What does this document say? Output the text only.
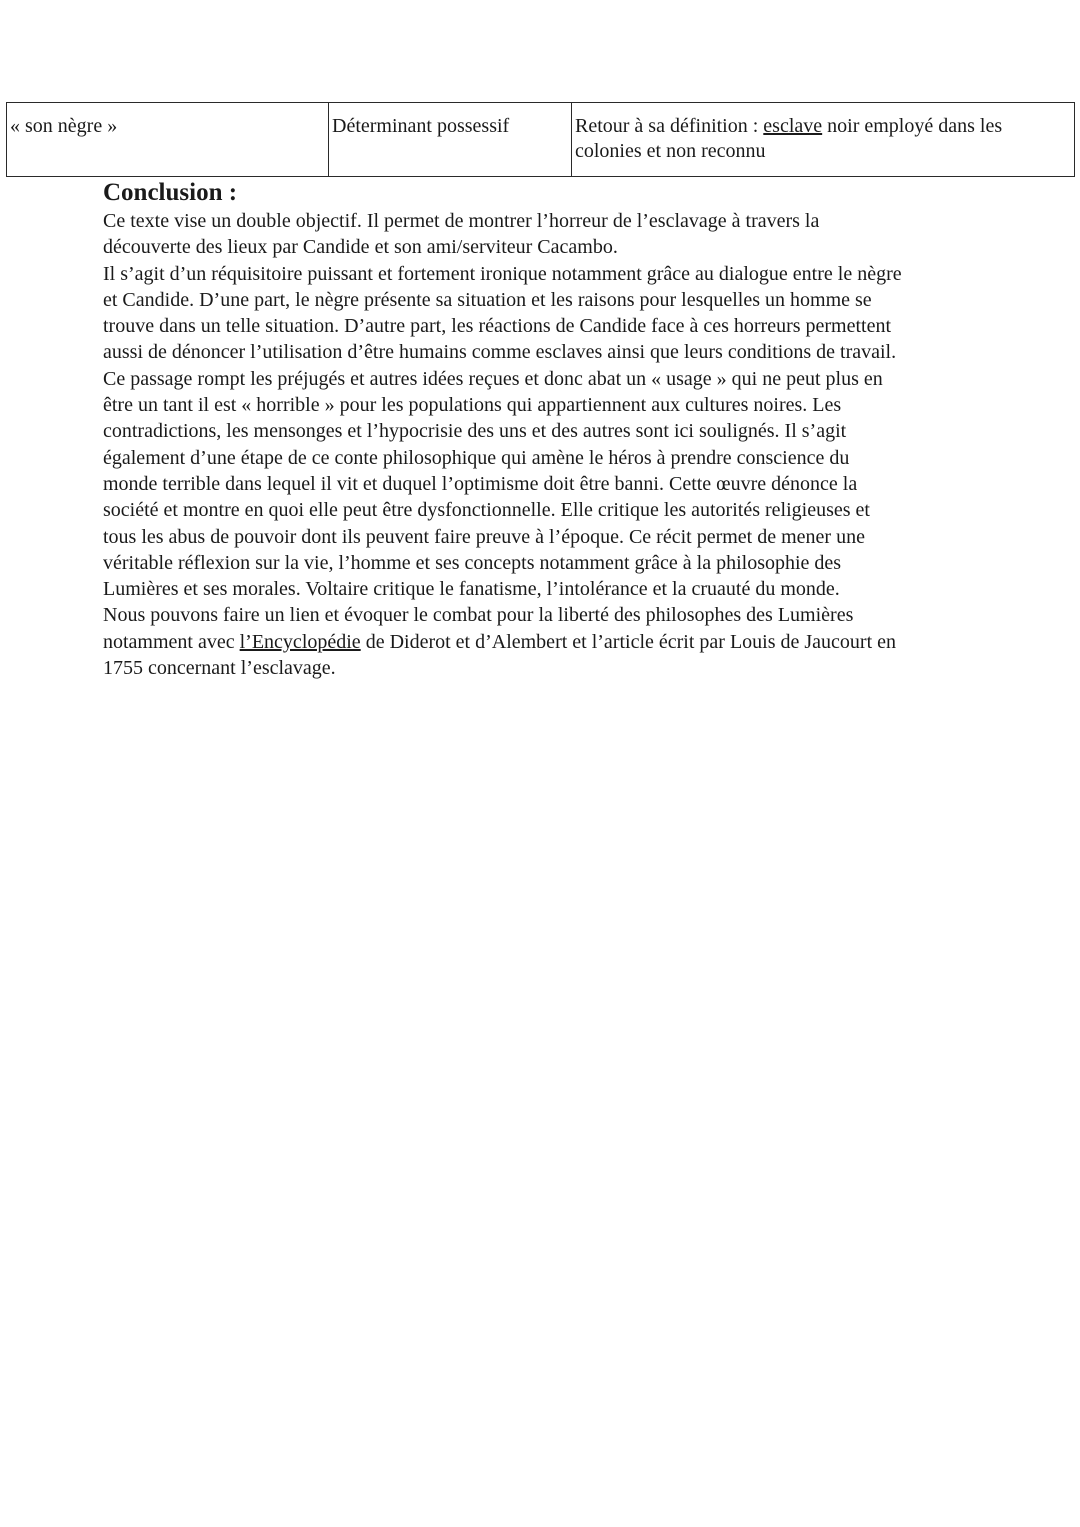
« son nègre »	Déterminant possessif	Retour à sa définition : esclave noir employé dans les
colonies et non reconnu
Conclusion :
Ce texte vise un double objectif. Il permet de montrer l’horreur de l’esclavage à travers la
découverte des lieux par Candide et son ami/serviteur Cacambo.
Il s’agit d’un réquisitoire puissant et fortement ironique notamment grâce au dialogue entre le nègre
et Candide. D’une part, le nègre présente sa situation et les raisons pour lesquelles un homme se
trouve dans un telle situation. D’autre part, les réactions de Candide face à ces horreurs permettent
aussi de dénoncer l’utilisation d’être humains comme esclaves ainsi que leurs conditions de travail.
Ce passage rompt les préjugés et autres idées reçues et donc abat un « usage » qui ne peut plus en
être un tant il est « horrible » pour les populations qui appartiennent aux cultures noires. Les
contradictions, les mensonges et l’hypocrisie des uns et des autres sont ici soulignés. Il s’agit
également d’une étape de ce conte philosophique qui amène le héros à prendre conscience du
monde terrible dans lequel il vit et duquel l’optimisme doit être banni. Cette œuvre dénonce la
société et montre en quoi elle peut être dysfonctionnelle. Elle critique les autorités religieuses et
tous les abus de pouvoir dont ils peuvent faire preuve à l’époque. Ce récit permet de mener une
véritable réflexion sur la vie, l’homme et ses concepts notamment grâce à la philosophie des
Lumières et ses morales. Voltaire critique le fanatisme, l’intolérance et la cruauté du monde.
Nous pouvons faire un lien et évoquer le combat pour la liberté des philosophes des Lumières
notamment avec l’Encyclopédie de Diderot et d’Alembert et l’article écrit par Louis de Jaucourt en
1755 concernant l’esclavage.
